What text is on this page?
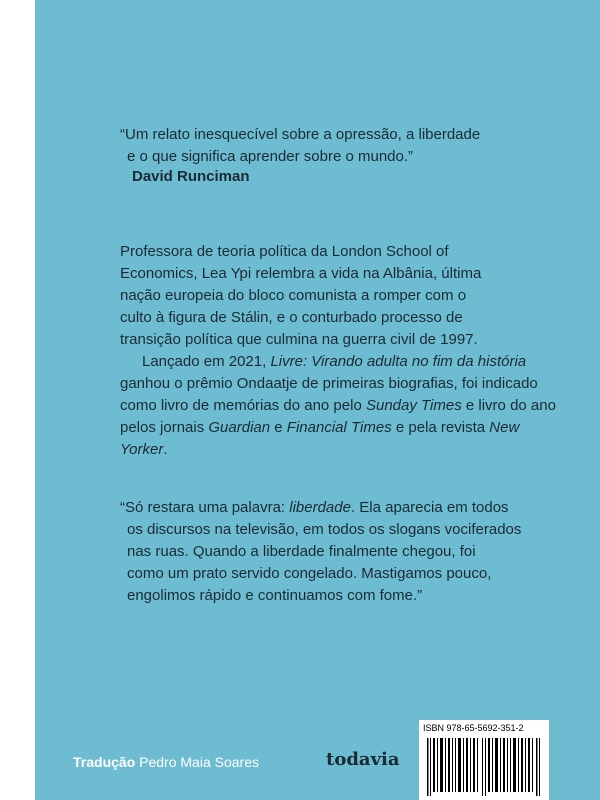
“Um relato inesquecível sobre a opressão, a liberdade
e o que significa aprender sobre o mundo.”
David Runciman

Professora de teoria política da London School of
Economics, Lea Ypi relembra a vida na Albânia, última
nação europeia do bloco comunista a romper com o
culto à figura de Stálin, e o conturbado processo de
transição política que culmina na guerra civil de 1997.

Lançado em 2021, Livre: Virando adulta no fim da história ganhou o prêmio Ondaatje de primeiras biografias, foi indicado como livro de memórias do ano pelo Sunday Times e livro do ano pelos jornais Guardian e Financial Times e pela revista New Yorker.

“Só restara uma palavra: liberdade. Ela aparecia em todos
os discursos na televisão, em todos os slogans vociferados
nas ruas. Quando a liberdade finalmente chegou, foi
como um prato servido congelado. Mastigamos pouco,
engolimos rápido e continuamos com fome.”
Tradução Pedro Maia Soares	todavia
ISBN 978-65-5692-351-2
